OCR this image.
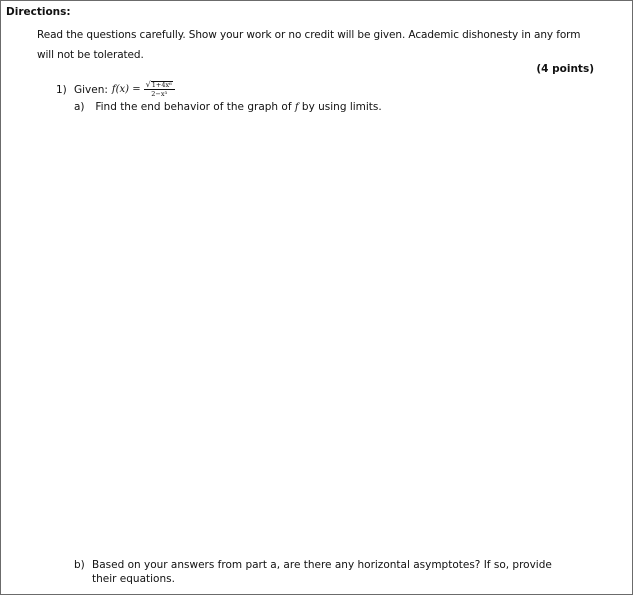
Directions:
Read the questions carefully. Show your work or no credit will be given. Academic dishonesty in any form will not be tolerated.
(4 points)
1) Given: $f(x) = \frac{\text{√ 1+4x⁶}}{\text{2−x³}}$
a) Find the end behavior of the graph of f by using limits.
b) Based on your answers from part a, are there any horizontal asymptotes? If so, provide their equations.
